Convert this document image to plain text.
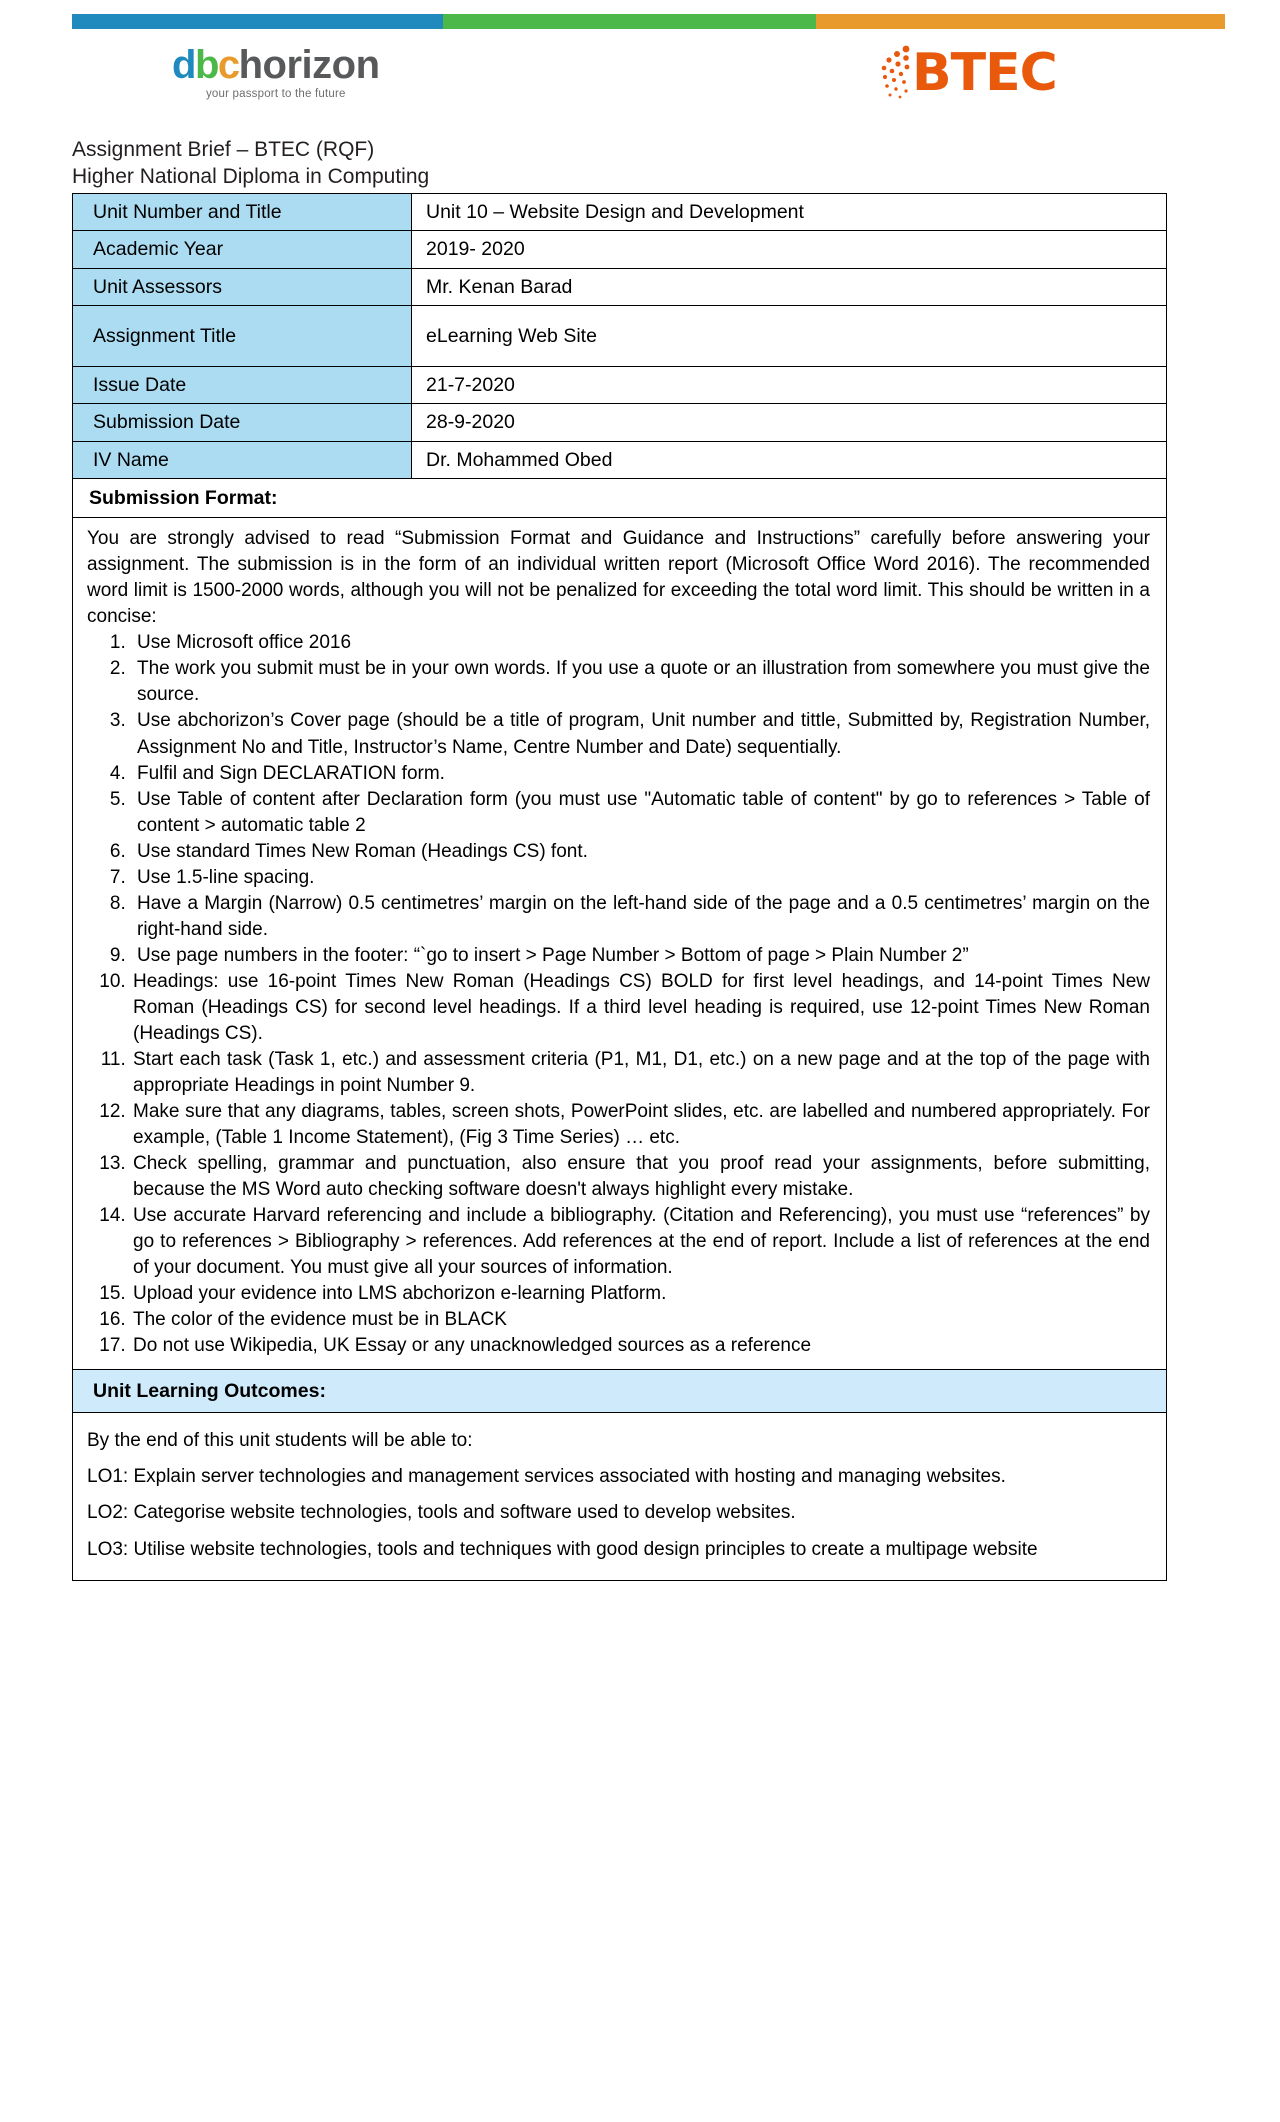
dbchorizon
your passport to the future	BTEC
Assignment Brief – BTEC (RQF)
Higher National Diploma in Computing
Unit Number and Title	Unit 10 – Website Design and Development
Academic Year	2019- 2020
Unit Assessors	Mr. Kenan Barad
Assignment Title	eLearning Web Site
Issue Date	21-7-2020
Submission Date	28-9-2020
IV Name	Dr. Mohammed Obed
Submission Format:	

You are strongly advised to read “Submission Format and Guidance and Instructions” carefully before answering your assignment. The submission is in the form of an individual written report (Microsoft Office Word 2016). The recommended word limit is 1500-2000 words, although you will not be penalized for exceeding the total word limit. This should be written in a concise:

1. Use Microsoft office 2016
2. The work you submit must be in your own words. If you use a quote or an illustration from somewhere you must give the source.
3. Use abchorizon’s Cover page (should be a title of program, Unit number and tittle, Submitted by, Registration Number, Assignment No and Title, Instructor’s Name, Centre Number and Date) sequentially.
4. Fulfil and Sign DECLARATION form.
5. Use Table of content after Declaration form (you must use "Automatic table of content" by go to references > Table of content > automatic table 2
6. Use standard Times New Roman (Headings CS) font.
7. Use 1.5-line spacing.
8. Have a Margin (Narrow) 0.5 centimetres’ margin on the left-hand side of the page and a 0.5 centimetres’ margin on the right-hand side.
9. Use page numbers in the footer: “`go to insert > Page Number > Bottom of page > Plain Number 2”
10. Headings: use 16-point Times New Roman (Headings CS) BOLD for first level headings, and 14-point Times New Roman (Headings CS) for second level headings. If a third level heading is required, use 12-point Times New Roman (Headings CS).
11. Start each task (Task 1, etc.) and assessment criteria (P1, M1, D1, etc.) on a new page and at the top of the page with appropriate Headings in point Number 9.
12. Make sure that any diagrams, tables, screen shots, PowerPoint slides, etc. are labelled and numbered appropriately. For example, (Table 1 Income Statement), (Fig 3 Time Series) … etc.
13. Check spelling, grammar and punctuation, also ensure that you proof read your assignments, before submitting, because the MS Word auto checking software doesn't always highlight every mistake.
14. Use accurate Harvard referencing and include a bibliography. (Citation and Referencing), you must use “references” by go to references > Bibliography > references. Add references at the end of report. Include a list of references at the end of your document. You must give all your sources of information.
15. Upload your evidence into LMS abchorizon e-learning Platform.
16. The color of the evidence must be in BLACK
17. Do not use Wikipedia, UK Essay or any unacknowledged sources as a reference

Unit Learning Outcomes:	

By the end of this unit students will be able to:

LO1: Explain server technologies and management services associated with hosting and managing websites.

LO2: Categorise website technologies, tools and software used to develop websites.

LO3: Utilise website technologies, tools and techniques with good design principles to create a multipage website	
